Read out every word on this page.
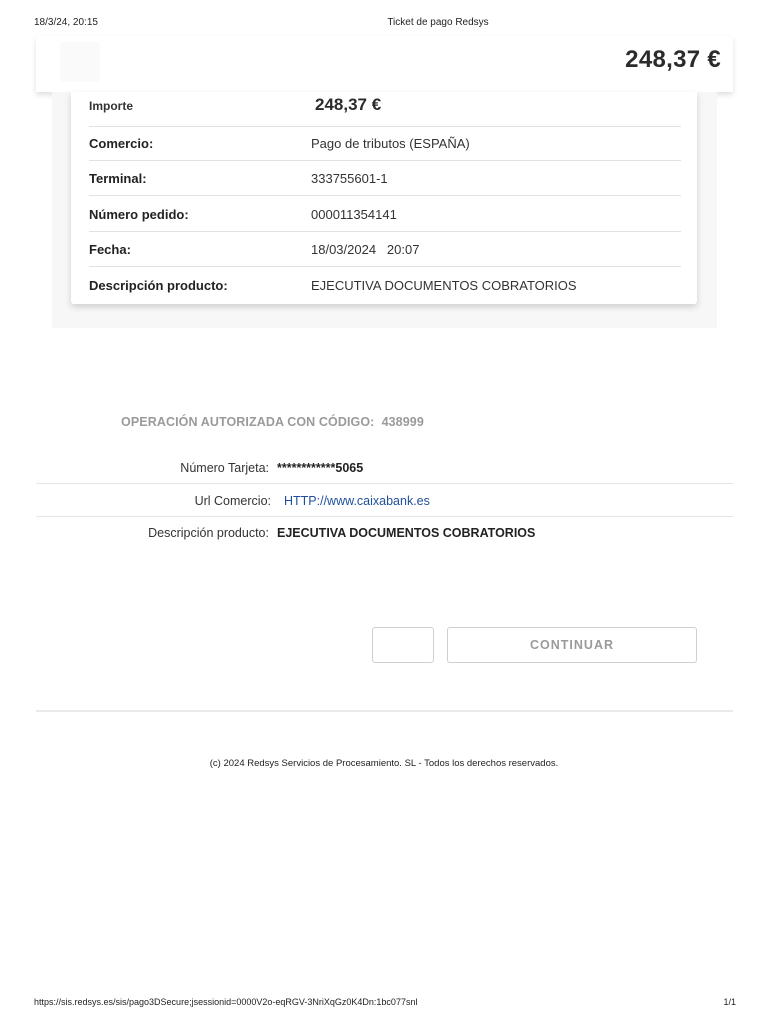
18/3/24, 20:15	Ticket de pago Redsys
248,37 €
Importe	248,37 €
Comercio:	Pago de tributos (ESPAÑA)
Terminal:	333755601-1
Número pedido:	000011354141
Fecha:	18/03/2024   20:07
Descripción producto:	EJECUTIVA DOCUMENTOS COBRATORIOS
OPERACIÓN AUTORIZADA CON CÓDIGO:  438999
Número Tarjeta: ************5065
Url Comercio: HTTP://www.caixabank.es
Descripción producto: EJECUTIVA DOCUMENTOS COBRATORIOS
CONTINUAR
(c) 2024 Redsys Servicios de Procesamiento. SL - Todos los derechos reservados.
https://sis.redsys.es/sis/pago3DSecure;jsessionid=0000V2o-eqRGV-3NriXqGz0K4Dn:1bc077snl	1/1
